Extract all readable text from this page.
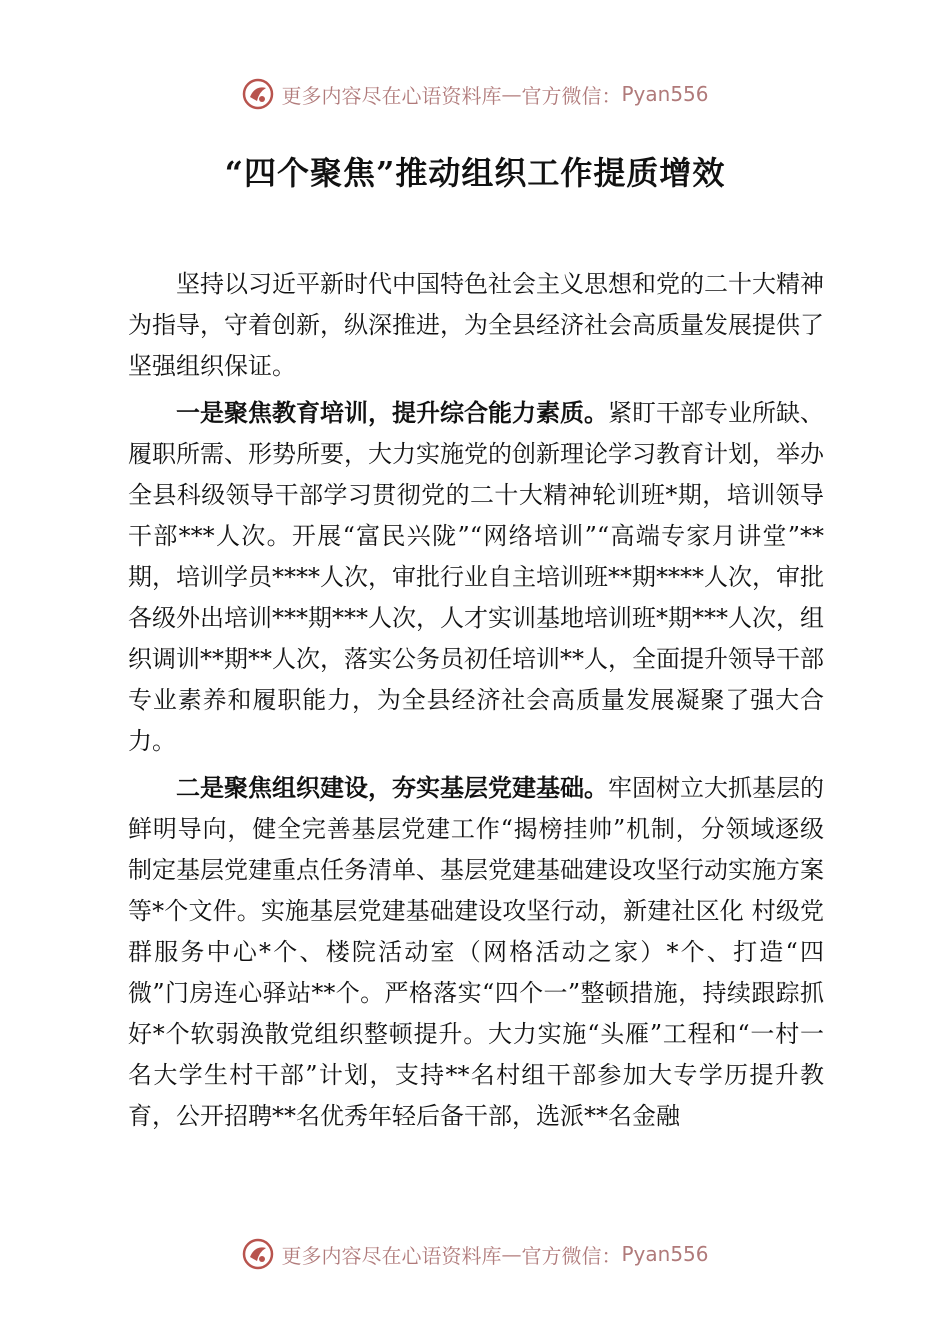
更多内容尽在心语资料库 — 官方微信： Pyan556
“四个聚焦”推动组织工作提质增效

坚持以习近平新时代中国特色社会主义思想和党的二十大精神为指导，守着创新，纵深推进，为全县经济社会高质量发展提供了坚强组织保证。

一是聚焦教育培训，提升综合能力素质。紧盯干部专业所缺、履职所需、形势所要，大力实施党的创新理论学习教育计划，举办全县科级领导干部学习贯彻党的二十大精神轮训班*期，培训领导干部***人次。开展“富民兴陇”“网络培训”“高端专家月讲堂”**期，培训学员****人次，审批行业自主培训班**期****人次，审批各级外出培训***期***人次，人才实训基地培训班*期***人次，组织调训**期**人次，落实公务员初任培训**人，全面提升领导干部专业素养和履职能力，为全县经济社会高质量发展凝聚了强大合力。

二是聚焦组织建设，夯实基层党建基础。牢固树立大抓基层的鲜明导向，健全完善基层党建工作“揭榜挂帅”机制，分领域逐级制定基层党建重点任务清单、基层党建基础建设攻坚行动实施方案等*个文件。实施基层党建基础建设攻坚行动，新建社区化 村级党群服务中心*个、楼院活动室（网格活动之家）*个、打造“四微”门房连心驿站**个。严格落实“四个一”整顿措施，持续跟踪抓好*个软弱涣散党组织整顿提升。大力实施“头雁”工程和“一村一名大学生村干部”计划，支持**名村组干部参加大专学历提升教育，公开招聘**名优秀年轻后备干部，选派**名金融

更多内容尽在心语资料库 — 官方微信： Pyan556
